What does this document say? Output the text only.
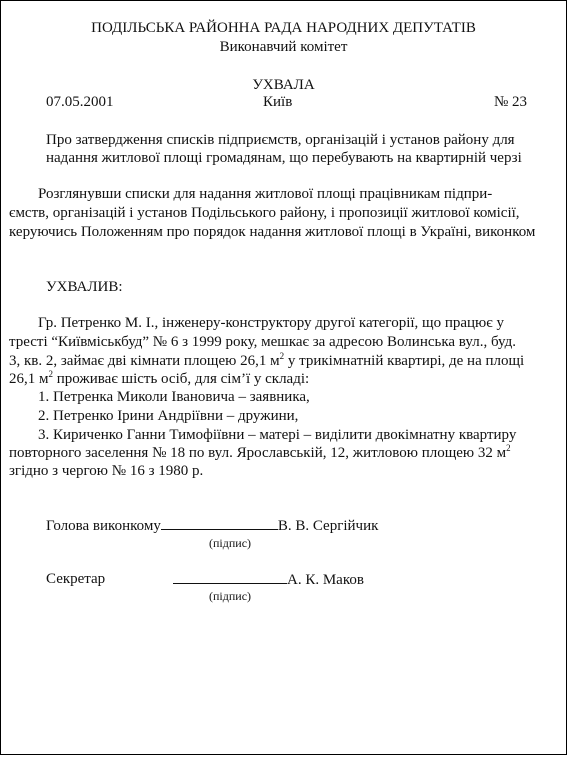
ПОДІЛЬСЬКА РАЙОННА РАДА НАРОДНИХ ДЕПУТАТІВ
Виконавчий комітет
УХВАЛА
07.05.2001	Київ	№ 23
Про затвердження списків підприємств, організацій і установ району для
надання житлової площі громадянам, що перебувають на квартирній черзі
Розглянувши списки для надання житлової площі працівникам підпри-
ємств, організацій і установ Подільського району, і пропозиції житлової комісії,
керуючись Положенням про порядок надання житлової площі в Україні, виконком
УХВАЛИВ:
Гр. Петренко М. І., інженеру-конструктору другої категорії, що працює у
тресті “Київміськбуд” № 6 з 1999 року, мешкає за адресою Волинська вул., буд.
3, кв. 2, займає дві кімнати площею 26,1 $м^2$ у трикімнатній квартирі, де на площі
26,1 $м^2$ проживає шість осіб, для сім’ї у складі:
1. Петренка Миколи Івановича – заявника,
2. Петренко Ірини Андріївни – дружини,
3. Кириченко Ганни Тимофіївни – матері – виділити двокімнатну квартиру
повторного заселення № 18 по вул. Ярославській, 12, житловою площею 32 $м^2$
згідно з чергою № 16 з 1980 р.
Голова виконкому	В. В. Сергійчик
(підпис)
Секретар	А. К. Маков
(підпис)
